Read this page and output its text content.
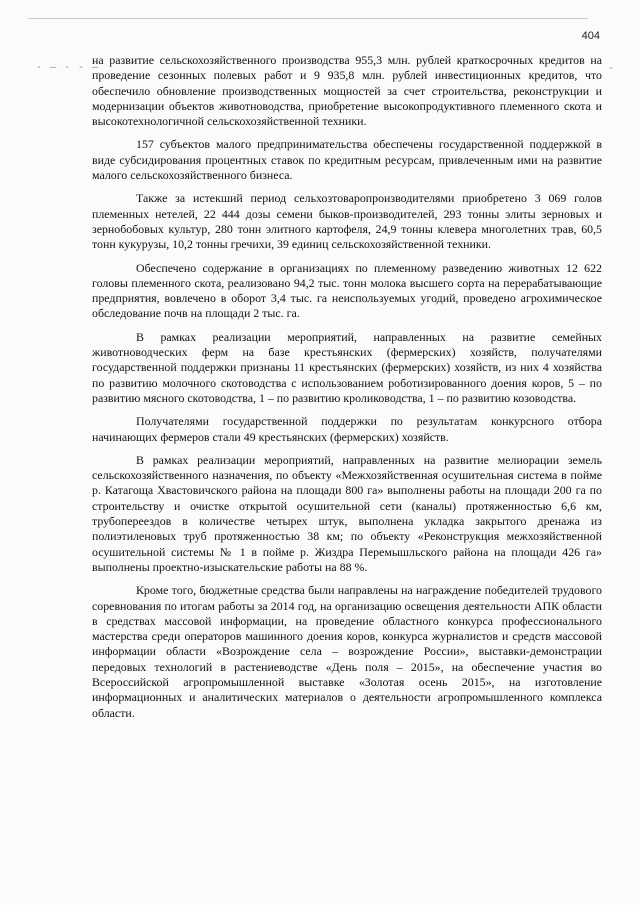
· — - - —	-
404

на развитие сельскохозяйственного производства 955,3 млн. рублей краткосрочных кредитов на проведение сезонных полевых работ и 9 935,8 млн. рублей инвестиционных кредитов, что обеспечило обновление производственных мощностей за счет строительства, реконструкции и модернизации объектов животноводства, приобретение высокопродуктивного племенного скота и высокотехнологичной сельскохозяйственной техники.

157 субъектов малого предпринимательства обеспечены государственной поддержкой в виде субсидирования процентных ставок по кредитным ресурсам, привлеченным ими на развитие малого сельскохозяйственного бизнеса.

Также за истекший период сельхозтоваропроизводителями приобретено 3 069 голов племенных нетелей, 22 444 дозы семени быков-производителей, 293 тонны элиты зерновых и зернобобовых культур, 280 тонн элитного картофеля, 24,9 тонны клевера многолетних трав, 60,5 тонн кукурузы, 10,2 тонны гречихи, 39 единиц сельскохозяйственной техники.

Обеспечено содержание в организациях по племенному разведению животных 12 622 головы племенного скота, реализовано 94,2 тыс. тонн молока высшего сорта на перерабатывающие предприятия, вовлечено в оборот 3,4 тыс. га неиспользуемых угодий, проведено агрохимическое обследование почв на площади 2 тыс. га.

В рамках реализации мероприятий, направленных на развитие семейных животноводческих ферм на базе крестьянских (фермерских) хозяйств, получателями государственной поддержки признаны 11 крестьянских (фермерских) хозяйств, из них 4 хозяйства по развитию молочного скотоводства с использованием роботизированного доения коров, 5 – по развитию мясного скотоводства, 1 – по развитию кролиководства, 1 – по развитию козоводства.

Получателями государственной поддержки по результатам конкурсного отбора начинающих фермеров стали 49 крестьянских (фермерских) хозяйств.

В рамках реализации мероприятий, направленных на развитие мелиорации земель сельскохозяйственного назначения, по объекту «Межхозяйственная осушительная система в пойме р. Катагоща Хвастовичского района на площади 800 га» выполнены работы на площади 200 га по строительству и очистке открытой осушительной сети (каналы) протяженностью 6,6 км, трубопереездов в количестве четырех штук, выполнена укладка закрытого дренажа из полиэтиленовых труб протяженностью 38 км; по объекту «Реконструкция межхозяйственной осушительной системы № 1 в пойме р. Жиздра Перемышльского района на площади 426 га» выполнены проектно-изыскательские работы на 88 %.

Кроме того, бюджетные средства были направлены на награждение победителей трудового соревнования по итогам работы за 2014 год, на организацию освещения деятельности АПК области в средствах массовой информации, на проведение областного конкурса профессионального мастерства среди операторов машинного доения коров, конкурса журналистов и средств массовой информации области «Возрождение села – возрождение России», выставки-демонстрации передовых технологий в растениеводстве «День поля – 2015», на обеспечение участия во Всероссийской агропромышленной выставке «Золотая осень 2015», на изготовление информационных и аналитических материалов о деятельности агропромышленного комплекса области.
